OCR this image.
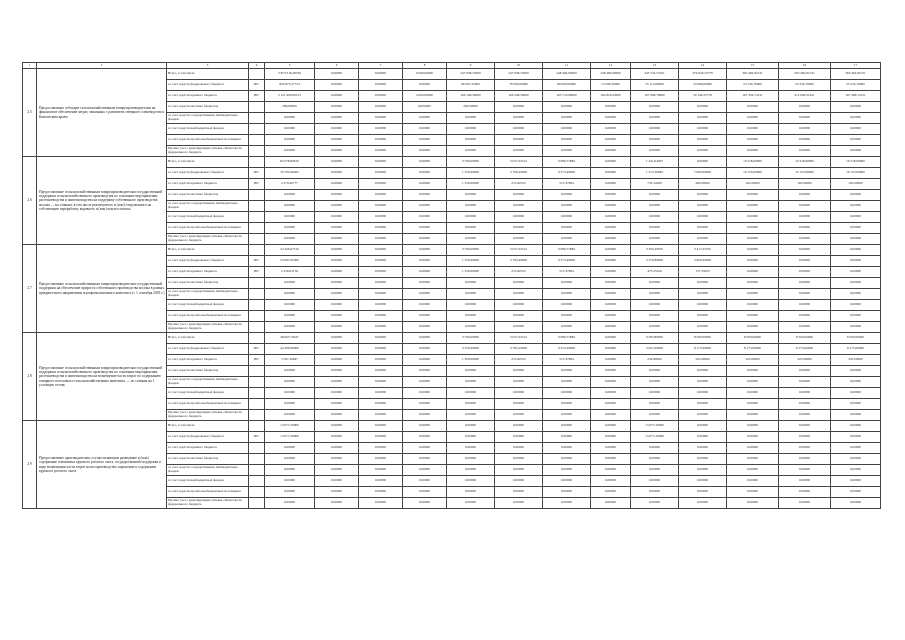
1	2	3	4	5	6	7	8	9	10	11	12	13	14	15	16	17
2.5	Предоставление субсидии сельскохозяйственным товаропроизводителям на финансовое обеспечение затрат, связанных с развитием северного оленеводства и Камчатским краем	Всего, в том числе		2 873 016,28536	0,00000	0,00000	0 060,00000	247 658,35000	247 658,35000	248 400,00000	248 400,00000	343 722,53161	279 918,23778	363 462,82131	263 462,82131	363 462,82131
		за счет средств федерального бюджета	807	829 873,37754	0,00000	0,00000	0,00000	68 567,22000	78 590,00000	80 600,00000	74 596,50000	55 115,00000	54 996,00000	55 234,70900	55 234,70900	55 234,70900
		за счет средств краевого бюджета	807	2 121 900,00155	0,00000	0,00000	4 000,00000	160 106,30000	166 506,50000	165 716,99000	164 816,03000	107 066,78000	50 344,53778	167 456,74131	212 006,31631	167 406,74131
		за счет средств местных бюджетов		286,00000	0,00000	0,00000	60,00000	200,00000	0,00000	0,00000	0,00000	0,00000	0,00000	0,00000	0,00000	0,00000
		за счет средств государственных внебюджетных фондов		0,00000	0,00000	0,00000	0,00000	0,00000	0,00000	0,00000	0,00000	0,00000	0,00000	0,00000	0,00000	0,00000
		за счет средств внебюджетных фондов		0,00000	0,00000	0,00000	0,00000	0,00000	0,00000	0,00000	0,00000	0,00000	0,00000	0,00000	0,00000	0,00000
		за счет средств прочих внебюджетных источников		0,00000	0,00000	0,00000	0,00000	0,00000	0,00000	0,00000	0,00000	0,00000	0,00000	0,00000	0,00000	0,00000
		Прочие учет, гарантирующие объемы обязательств федерального бюджета		0,00000	0,00000	0,00000	0,00000	0,00000	0,00000	0,00000	0,00000	0,00000	0,00000	0,00000	0,00000	0,00000
2.6	Предоставление сельскохозяйственным товаропроизводителям государственной поддержки сельскохозяйственного производства по основным мероприятиям растениеводства и животноводства на поддержку собственного производства молока — на ставкам, в том числе реализуемого и (или) отгруженного на собственную переработку коровьего и (или) козьего молока	Всего, в том числе		82 078,00610	0,00000	0,00000	0,00000	3 700,00000	5 027,22512	6 086,77684	0,00000	1 441,04597	0,00000	10 318,00000	10 318,00000	10 318,00000
		за счет средств федерального бюджета	807	79 795,60462	0,00000	0,00000	0,00000	1 350,00000	3 760,20000	6 575,40000	0,00000	1 372,56983	7 600,00000	10 153,00000	10 153,00000	10 153,00000
		за счет средств краевого бюджета	807	2 279,40777	0,00000	0,00000	0,00000	1 350,00000	251,82525	513,37684	0,00000	752,54280	400,00000	165,00000	165,00000	165,00000
		за счет средств местных бюджетов		0,00000	0,00000	0,00000	0,00000	0,00000	0,00000	0,00000	0,00000	0,00000	0,00000	0,00000	0,00000	0,00000
		за счет средств государственных внебюджетных фондов		0,00000	0,00000	0,00000	0,00000	0,00000	0,00000	0,00000	0,00000	0,00000	0,00000	0,00000	0,00000	0,00000
		за счет средств внебюджетных фондов		0,00000	0,00000	0,00000	0,00000	0,00000	0,00000	0,00000	0,00000	0,00000	0,00000	0,00000	0,00000	0,00000
		за счет средств прочих внебюджетных источников		0,00000	0,00000	0,00000	0,00000	0,00000	0,00000	0,00000	0,00000	0,00000	0,00000	0,00000	0,00000	0,00000
		Прочие учет, гарантирующие объемы обязательств федерального бюджета		0,00000	0,00000	0,00000	0,00000	0,00000	0,00000	0,00000	0,00000	0,00000	0,00000	0,00000	0,00000	0,00000
2.7	Предоставление сельскохозяйственным товаропроизводителям государственной поддержки на обеспечение прироста собственного производства молока в рамках приоритетного направления агропромышленного комплекса (с 1 сентября 2018 г.)	Всего, в том числе		24 326,67516	0,00000	0,00000	0,00000	3 700,00000	5 027,22512	6 086,77684	0,00000	3 395,20970	3 417,25555	0,00000	0,00000	0,00000
		за счет средств федерального бюджета	807	23 087,65360	0,00000	0,00000	0,00000	1 350,00000	3 785,40000	6 575,40000	0,00000	3 370,80000	2 600,20000	0,00000	0,00000	0,00000
		за счет средств краевого бюджета	807	2 236,03156	0,00000	0,00000	0,00000	1 350,00000	251,82525	513,37684	0,00000	475,25326	157,35955	0,00000	0,00000	0,00000
		за счет средств местных бюджетов		0,00000	0,00000	0,00000	0,00000	0,00000	0,00000	0,00000	0,00000	0,00000	0,00000	0,00000	0,00000	0,00000
		за счет средств государственных внебюджетных фондов		0,00000	0,00000	0,00000	0,00000	0,00000	0,00000	0,00000	0,00000	0,00000	0,00000	0,00000	0,00000	0,00000
		за счет средств внебюджетных фондов		0,00000	0,00000	0,00000	0,00000	0,00000	0,00000	0,00000	0,00000	0,00000	0,00000	0,00000	0,00000	0,00000
		за счет средств прочих внебюджетных источников		0,00000	0,00000	0,00000	0,00000	0,00000	0,00000	0,00000	0,00000	0,00000	0,00000	0,00000	0,00000	0,00000
		Прочие учет, гарантирующие объемы обязательств федерального бюджета		0,00000	0,00000	0,00000	0,00000	0,00000	0,00000	0,00000	0,00000	0,00000	0,00000	0,00000	0,00000	0,00000
2.8	Предоставление сельскохозяйственным товаропроизводителям государственной поддержки сельскохозяйственного производства по основным мероприятиям растениеводства и животноводства на возмещение части затрат по содержанию товарного поголовья и сельскохозяйственных животных — по ставкам на 1 условную голову	Всего, в том числе		48 063,79447	0,00000	0,00000	0,00000	3 700,00000	5 027,22512	6 086,77684	0,00000	6 285,80000	8 500,00000	8 500,00000	8 500,00000	8 500,00000
		за счет средств федерального бюджета	807	44 309,00000	0,00000	0,00000	0,00000	4 350,00000	4 785,20000	6 525,40000	0,00000	2 001,00000	8 175,00000	8 175,00000	8 175,00000	8 175,00000
		за счет средств краевого бюджета	807	3 561,30847	0,00000	0,00000	0,00000	1 300,00000	251,82525	513,37684	0,00000	254,80000	325,00000	325,00000	325,00000	325,00000
		за счет средств местных бюджетов		0,00000	0,00000	0,00000	0,00000	0,00000	0,00000	0,00000	0,00000	0,00000	0,00000	0,00000	0,00000	0,00000
		за счет средств государственных внебюджетных фондов		0,00000	0,00000	0,00000	0,00000	0,00000	0,00000	0,00000	0,00000	0,00000	0,00000	0,00000	0,00000	0,00000
		за счет средств внебюджетных фондов		0,00000	0,00000	0,00000	0,00000	0,00000	0,00000	0,00000	0,00000	0,00000	0,00000	0,00000	0,00000	0,00000
		за счет средств прочих внебюджетных источников		0,00000	0,00000	0,00000	0,00000	0,00000	0,00000	0,00000	0,00000	0,00000	0,00000	0,00000	0,00000	0,00000
		Прочие учет, гарантирующие объемы обязательств федерального бюджета		0,00000	0,00000	0,00000	0,00000	0,00000	0,00000	0,00000	0,00000	0,00000	0,00000	0,00000	0,00000	0,00000
2.9	Предоставление производителям, осуществляющим разведение и (или) содержание племенных крупного рогатого скота, государственной поддержки в виде возмещения части затрат на воспроизводство, кормление и содержание крупного рогатого скота	Всего, в том числе		13 677,20000	0,00000	0,00000	0,00000	0,00000	0,00000	0,00000	0,00000	13 677,20000	0,00000	0,00000	0,00000	0,00000
		за счет средств федерального бюджета	807	13 677,20000	0,00000	0,00000	0,00000	0,00000	0,00000	0,00000	0,00000	13 677,20000	0,00000	0,00000	0,00000	0,00000
		за счет средств краевого бюджета		0,00000	0,00000	0,00000	0,00000	0,00000	0,00000	0,00000	0,00000	0,00000	0,00000	0,00000	0,00000	0,00000
		за счет средств местных бюджетов		0,00000	0,00000	0,00000	0,00000	0,00000	0,00000	0,00000	0,00000	0,00000	0,00000	0,00000	0,00000	0,00000
		за счет средств государственных внебюджетных фондов		0,00000	0,00000	0,00000	0,00000	0,00000	0,00000	0,00000	0,00000	0,00000	0,00000	0,00000	0,00000	0,00000
		за счет средств внебюджетных фондов		0,00000	0,00000	0,00000	0,00000	0,00000	0,00000	0,00000	0,00000	0,00000	0,00000	0,00000	0,00000	0,00000
		за счет средств прочих внебюджетных источников		0,00000	0,00000	0,00000	0,00000	0,00000	0,00000	0,00000	0,00000	0,00000	0,00000	0,00000	0,00000	0,00000
		Прочие учет, гарантирующие объемы обязательств федерального бюджета		0,00000	0,00000	0,00000	0,00000	0,00000	0,00000	0,00000	0,00000	0,00000	0,00000	0,00000	0,00000	0,00000
